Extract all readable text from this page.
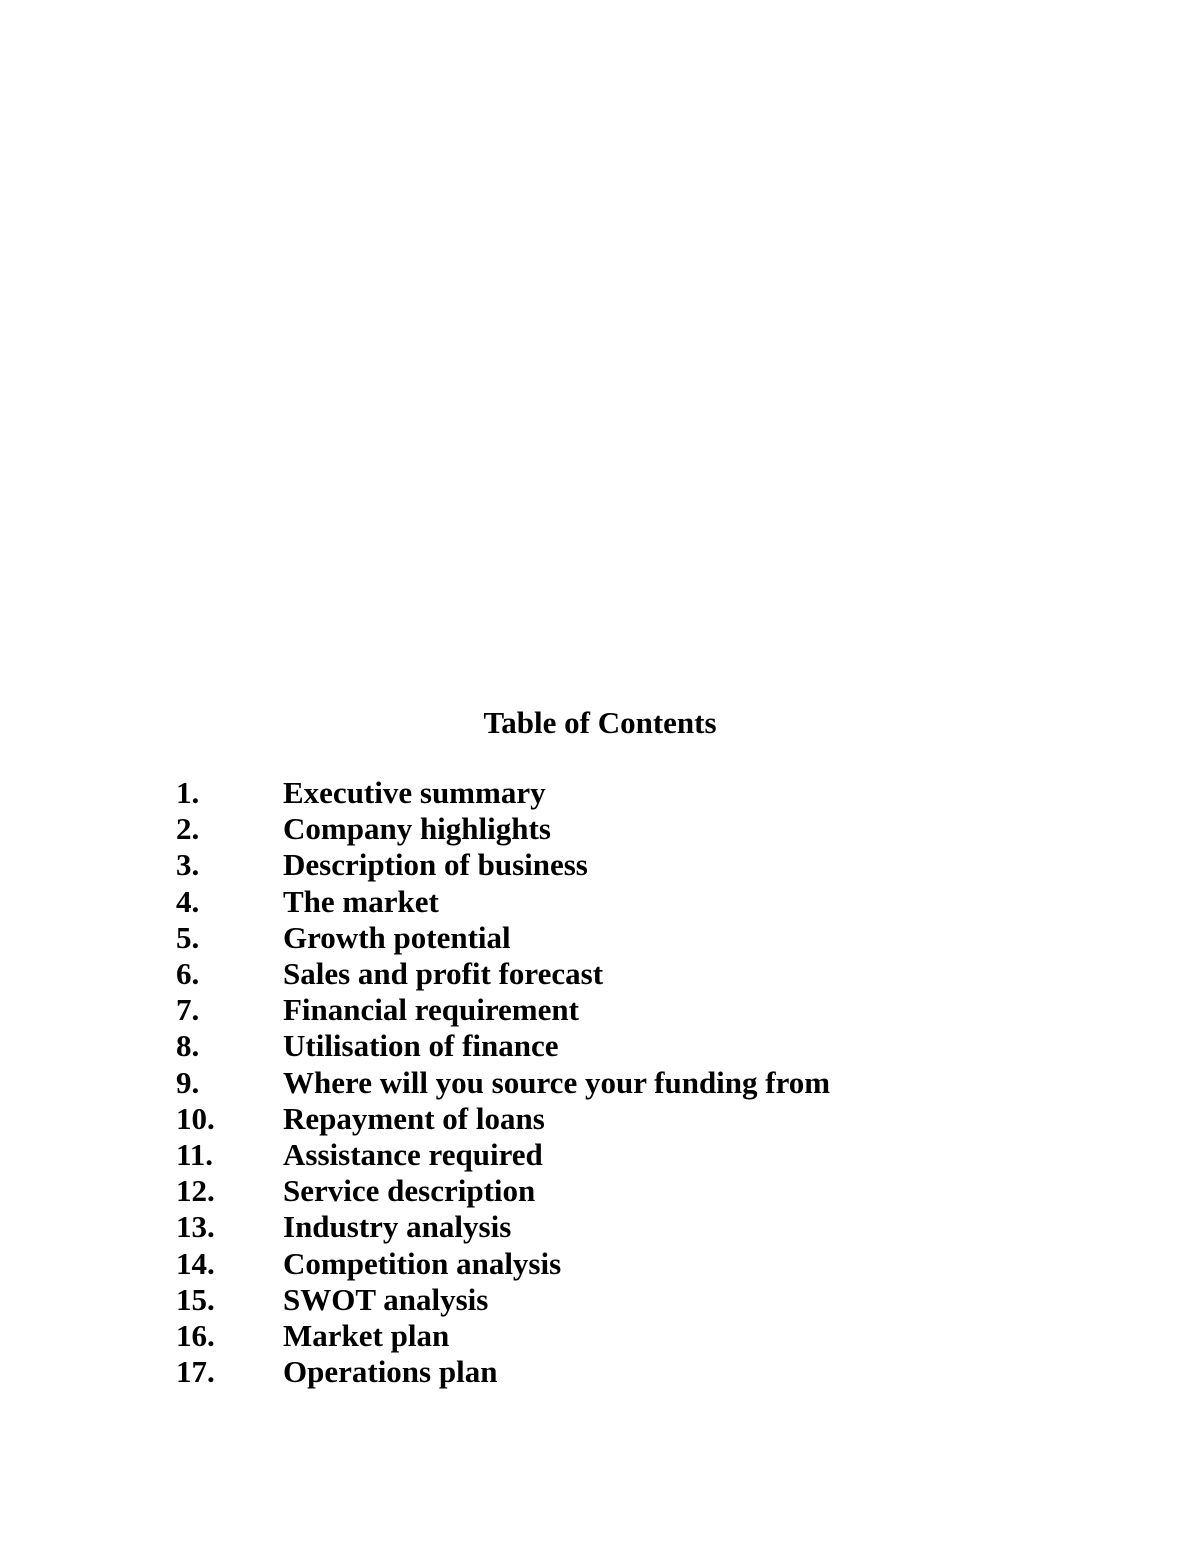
Table of Contents
1.	Executive summary
2.	Company highlights
3.	Description of business
4.	The market
5.	Growth potential
6.	Sales and profit forecast
7.	Financial requirement
8.	Utilisation of finance
9.	Where will you source your funding from
10.	Repayment of loans
11.	Assistance required
12.	Service description
13.	Industry analysis
14.	Competition analysis
15.	SWOT analysis
16.	Market plan
17.	Operations plan
